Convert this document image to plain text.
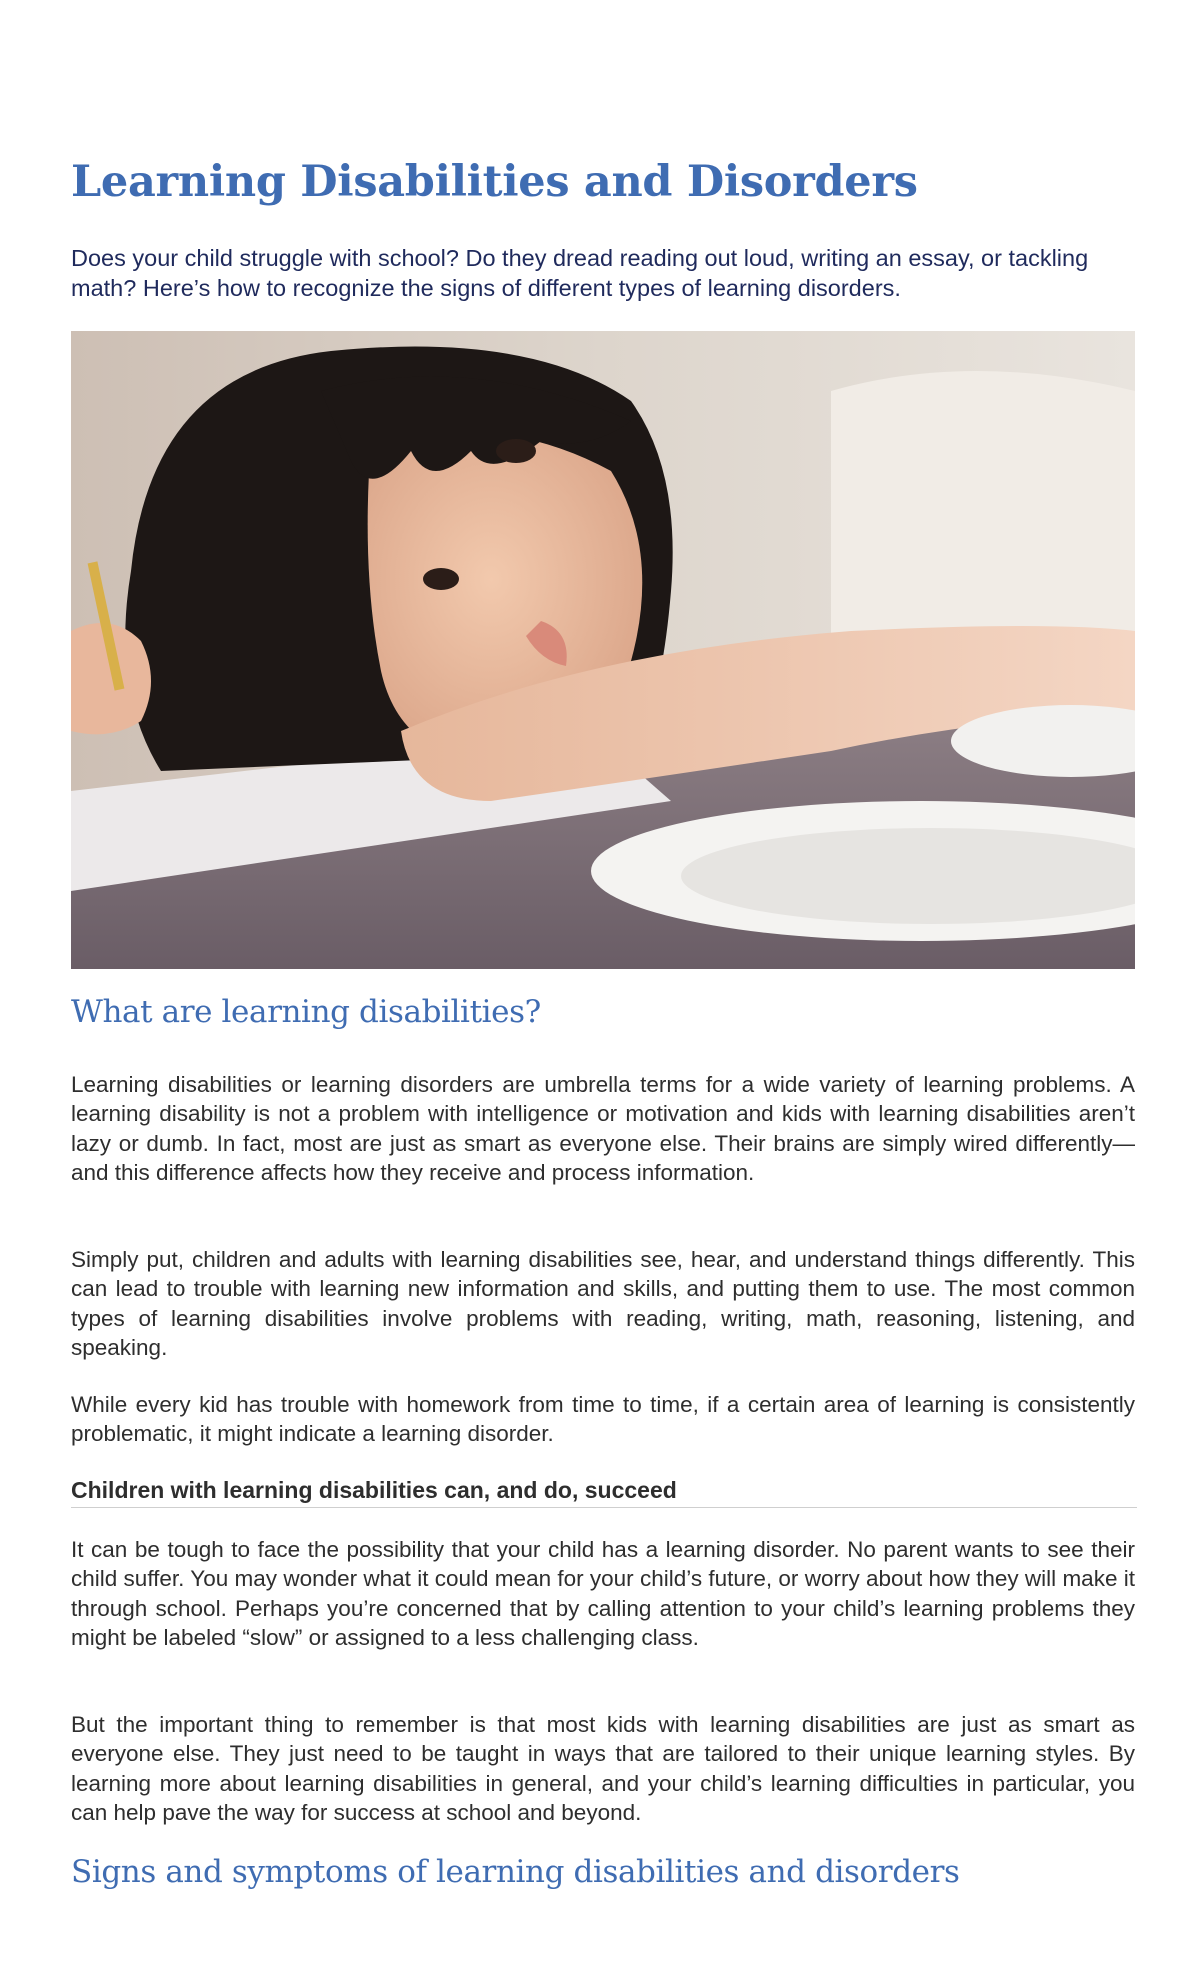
Learning Disabilities and Disorders

Does your child struggle with school? Do they dread reading out loud, writing an essay, or tackling math? Here’s how to recognize the signs of different types of learning disorders.

What are learning disabilities?

Learning disabilities or learning disorders are umbrella terms for a wide variety of learning problems. A learning disability is not a problem with intelligence or motivation and kids with learning disabilities aren’t lazy or dumb. In fact, most are just as smart as everyone else. Their brains are simply wired differently—and this difference affects how they receive and process information.

Simply put, children and adults with learning disabilities see, hear, and understand things differently. This can lead to trouble with learning new information and skills, and putting them to use. The most common types of learning disabilities involve problems with reading, writing, math, reasoning, listening, and speaking.

While every kid has trouble with homework from time to time, if a certain area of learning is consistently problematic, it might indicate a learning disorder.

Children with learning disabilities can, and do, succeed

It can be tough to face the possibility that your child has a learning disorder. No parent wants to see their child suffer. You may wonder what it could mean for your child’s future, or worry about how they will make it through school. Perhaps you’re concerned that by calling attention to your child’s learning problems they might be labeled “slow” or assigned to a less challenging class.

But the important thing to remember is that most kids with learning disabilities are just as smart as everyone else. They just need to be taught in ways that are tailored to their unique learning styles. By learning more about learning disabilities in general, and your child’s learning difficulties in particular, you can help pave the way for success at school and beyond.

Signs and symptoms of learning disabilities and disorders
